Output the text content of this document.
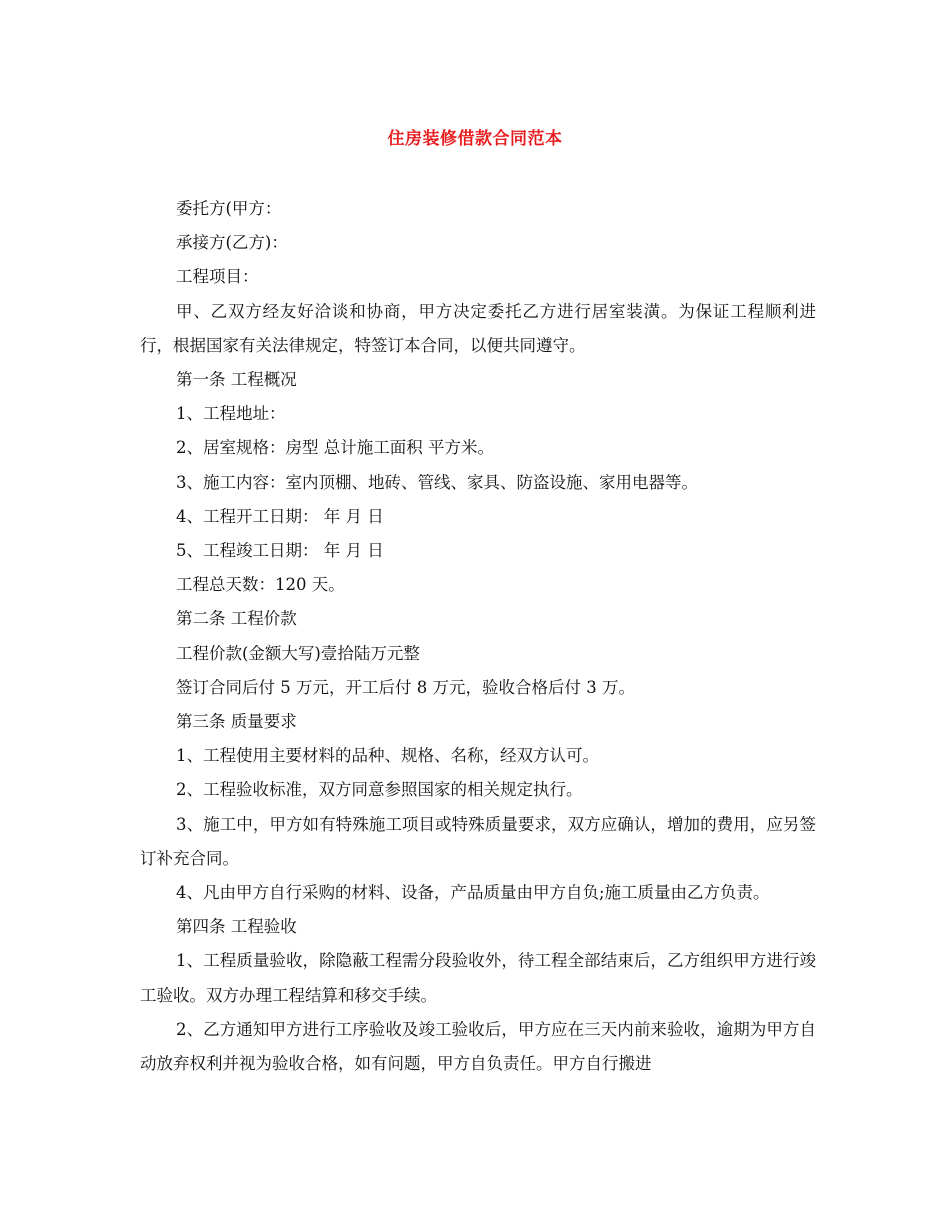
住房装修借款合同范本

委托方(甲方：

承接方(乙方)：

工程项目：

甲、乙双方经友好洽谈和协商，甲方决定委托乙方进行居室装潢。为保证工程顺利进行，根据国家有关法律规定，特签订本合同，以便共同遵守。

第一条 工程概况

1、工程地址：

2、居室规格：房型 总计施工面积 平方米。

3、施工内容：室内顶棚、地砖、管线、家具、防盗设施、家用电器等。

4、工程开工日期： 年 月 日

5、工程竣工日期： 年 月 日

工程总天数：120 天。

第二条 工程价款

工程价款(金额大写)壹拾陆万元整

签订合同后付 5 万元，开工后付 8 万元，验收合格后付 3 万。

第三条 质量要求

1、工程使用主要材料的品种、规格、名称，经双方认可。

2、工程验收标准，双方同意参照国家的相关规定执行。

3、施工中，甲方如有特殊施工项目或特殊质量要求，双方应确认，增加的费用，应另签订补充合同。

4、凡由甲方自行采购的材料、设备，产品质量由甲方自负;施工质量由乙方负责。

第四条 工程验收

1、工程质量验收，除隐蔽工程需分段验收外，待工程全部结束后，乙方组织甲方进行竣工验收。双方办理工程结算和移交手续。

2、乙方通知甲方进行工序验收及竣工验收后，甲方应在三天内前来验收，逾期为甲方自动放弃权利并视为验收合格，如有问题，甲方自负责任。甲方自行搬进
